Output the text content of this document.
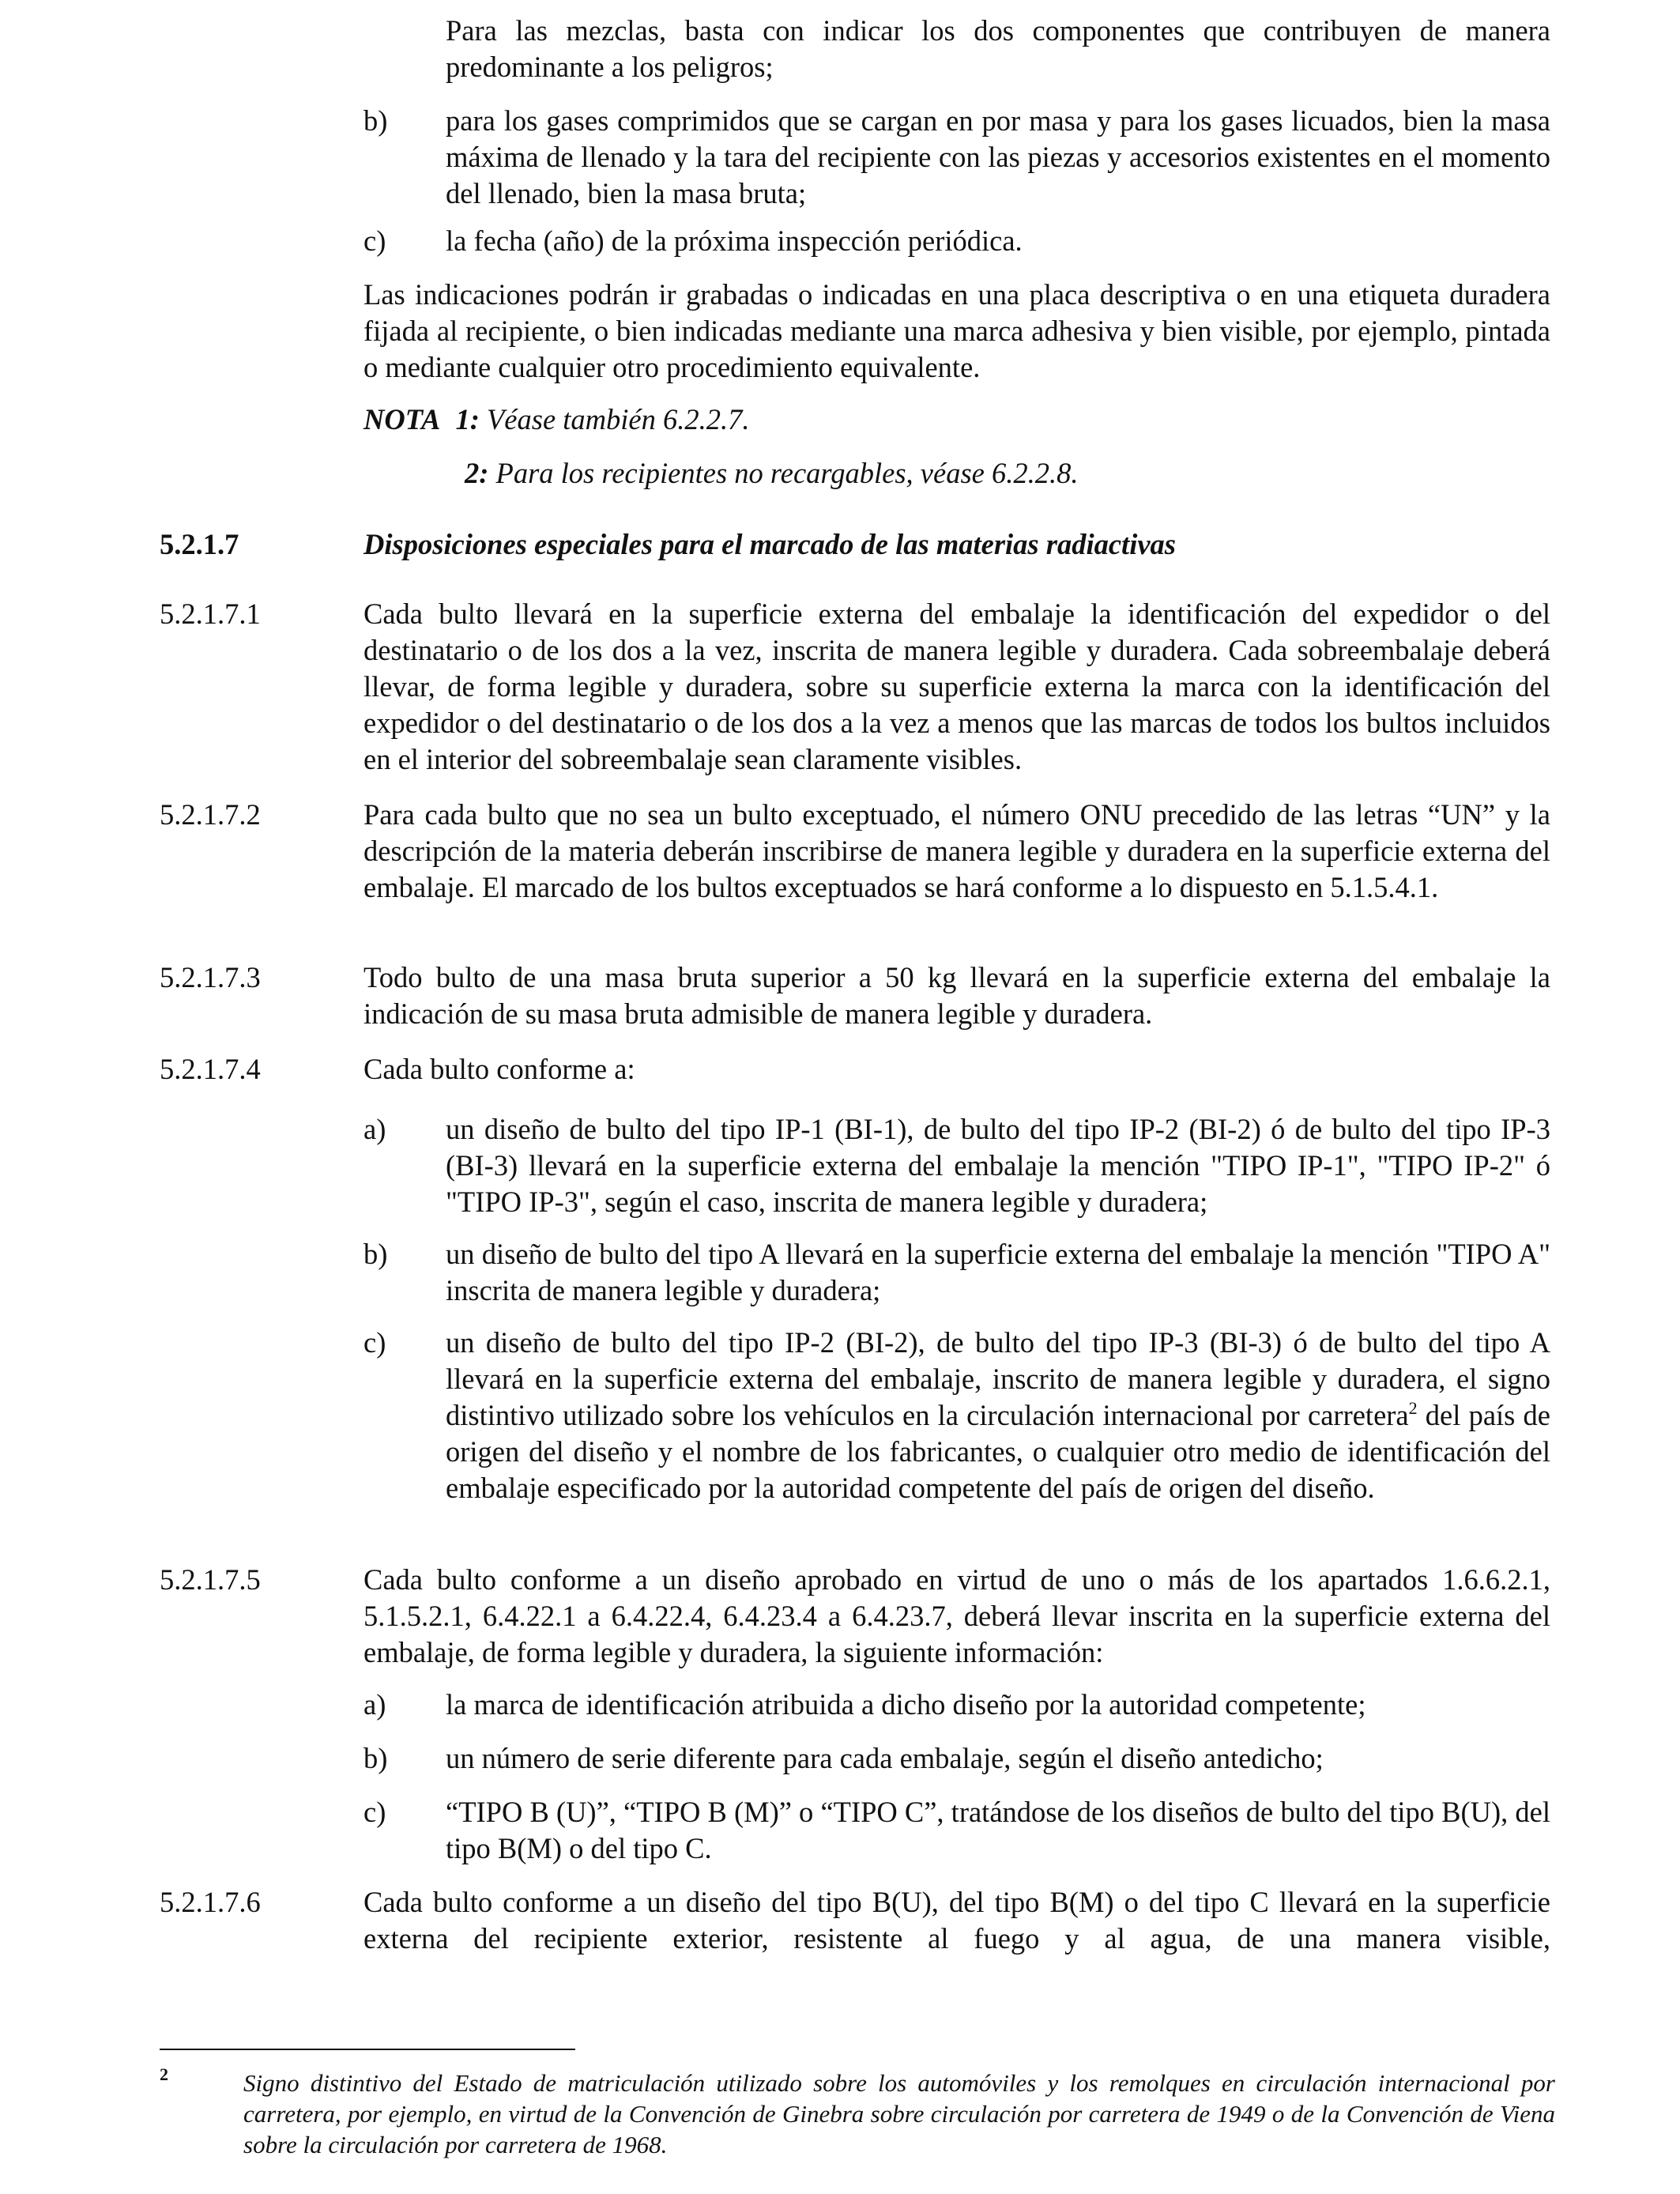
Para las mezclas, basta con indicar los dos componentes que contribuyen de manera predominante a los peligros;
b) para los gases comprimidos que se cargan en por masa y para los gases licuados, bien la masa máxima de llenado y la tara del recipiente con las piezas y accesorios existentes en el momento del llenado, bien la masa bruta;
c) la fecha (año) de la próxima inspección periódica.
Las indicaciones podrán ir grabadas o indicadas en una placa descriptiva o en una etiqueta duradera fijada al recipiente, o bien indicadas mediante una marca adhesiva y bien visible, por ejemplo, pintada o mediante cualquier otro procedimiento equivalente.
NOTA 1: Véase también 6.2.2.7.
2: Para los recipientes no recargables, véase 6.2.2.8.
5.2.1.7	Disposiciones especiales para el marcado de las materias radiactivas
5.2.1.7.1	Cada bulto llevará en la superficie externa del embalaje la identificación del expedidor o del destinatario o de los dos a la vez, inscrita de manera legible y duradera. Cada sobreembalaje deberá llevar, de forma legible y duradera, sobre su superficie externa la marca con la identificación del expedidor o del destinatario o de los dos a la vez a menos que las marcas de todos los bultos incluidos en el interior del sobreembalaje sean claramente visibles.
5.2.1.7.2	Para cada bulto que no sea un bulto exceptuado, el número ONU precedido de las letras “UN” y la descripción de la materia deberán inscribirse de manera legible y duradera en la superficie externa del embalaje. El marcado de los bultos exceptuados se hará conforme a lo dispuesto en 5.1.5.4.1.
5.2.1.7.3	Todo bulto de una masa bruta superior a 50 kg llevará en la superficie externa del embalaje la indicación de su masa bruta admisible de manera legible y duradera.
5.2.1.7.4	Cada bulto conforme a:
a) un diseño de bulto del tipo IP-1 (BI-1), de bulto del tipo IP-2 (BI-2) ó de bulto del tipo IP-3 (BI-3) llevará en la superficie externa del embalaje la mención "TIPO IP-1", "TIPO IP-2" ó "TIPO IP-3", según el caso, inscrita de manera legible y duradera;
b) un diseño de bulto del tipo A llevará en la superficie externa del embalaje la mención "TIPO A" inscrita de manera legible y duradera;
c) un diseño de bulto del tipo IP-2 (BI-2), de bulto del tipo IP-3 (BI-3) ó de bulto del tipo A llevará en la superficie externa del embalaje, inscrito de manera legible y duradera, el signo distintivo utilizado sobre los vehículos en la circulación internacional por carretera$^2$ del país de origen del diseño y el nombre de los fabricantes, o cualquier otro medio de identificación del embalaje especificado por la autoridad competente del país de origen del diseño.
5.2.1.7.5	Cada bulto conforme a un diseño aprobado en virtud de uno o más de los apartados 1.6.6.2.1, 5.1.5.2.1, 6.4.22.1 a 6.4.22.4, 6.4.23.4 a 6.4.23.7, deberá llevar inscrita en la superficie externa del embalaje, de forma legible y duradera, la siguiente información:
a) la marca de identificación atribuida a dicho diseño por la autoridad competente;
b) un número de serie diferente para cada embalaje, según el diseño antedicho;
c) “TIPO B (U)”, “TIPO B (M)” o “TIPO C”, tratándose de los diseños de bulto del tipo B(U), del tipo B(M) o del tipo C.
5.2.1.7.6	Cada bulto conforme a un diseño del tipo B(U), del tipo B(M) o del tipo C llevará en la superficie externa del recipiente exterior, resistente al fuego y al agua, de una manera visible,
2	Signo distintivo del Estado de matriculación utilizado sobre los automóviles y los remolques en circulación internacional por carretera, por ejemplo, en virtud de la Convención de Ginebra sobre circulación por carretera de 1949 o de la Convención de Viena sobre la circulación por carretera de 1968.
